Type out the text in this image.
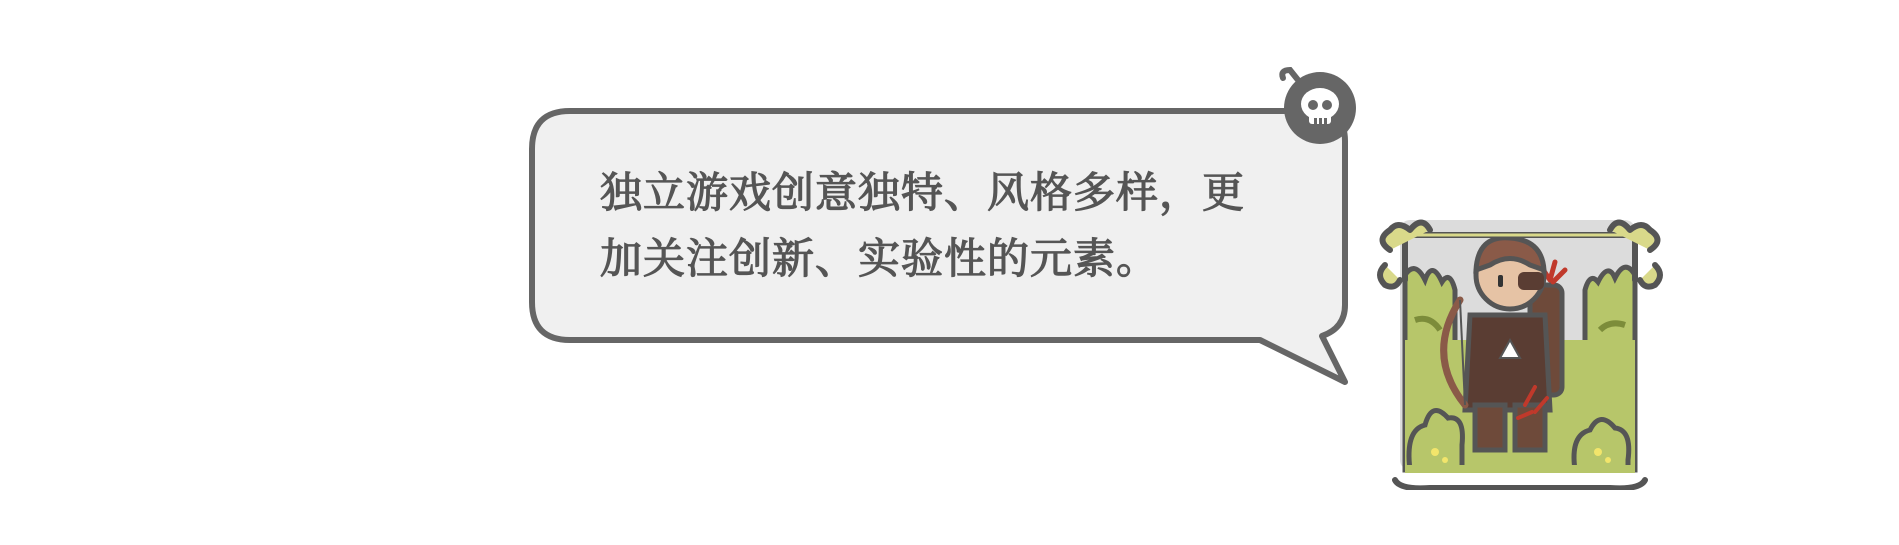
独立游戏创意独特、风格多样，更
加关注创新、实验性的元素。
